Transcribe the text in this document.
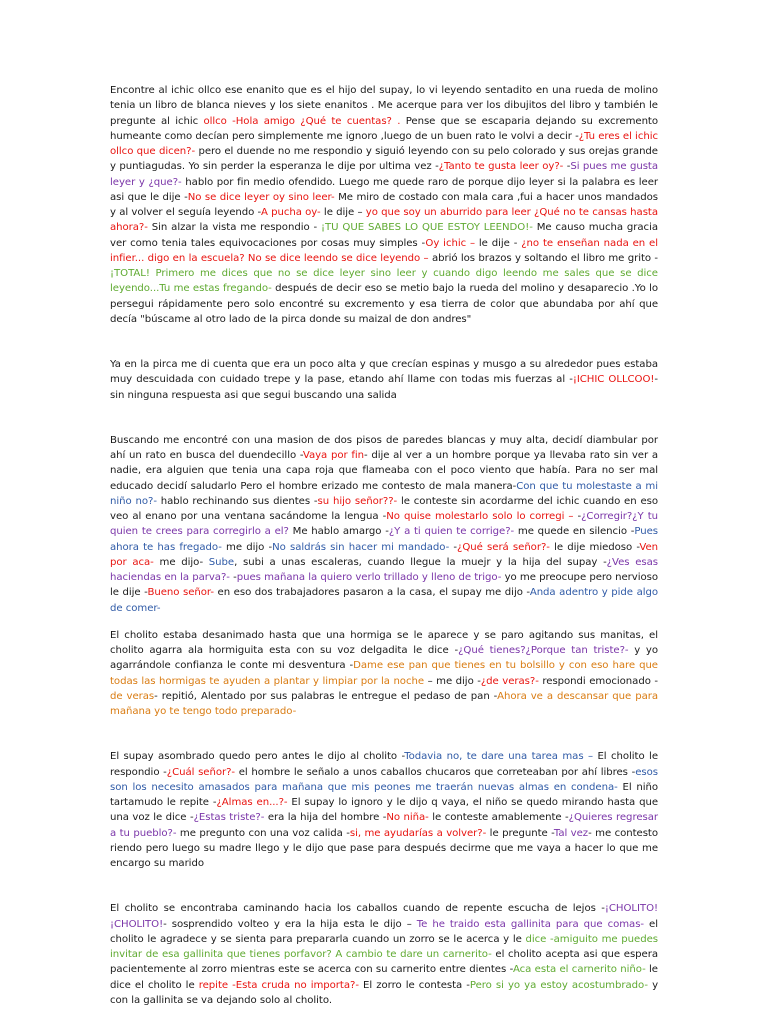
Encontre al ichic ollco ese enanito que es el hijo del supay, lo vi leyendo sentadito en una rueda de molino tenia un libro de blanca nieves y los siete enanitos . Me acerque para ver los dibujitos del libro y también le pregunte al ichic ollco -Hola amigo ¿Qué te cuentas? . Pense que se escaparia dejando su excremento humeante como decían pero simplemente me ignoro ,luego de un buen rato le volvi a decir -¿Tu eres el ichic ollco que dicen?- pero el duende no me respondio y siguió leyendo con su pelo colorado y sus orejas grande y puntiagudas. Yo sin perder la esperanza le dije por ultima vez -¿Tanto te gusta leer oy?- -Si pues me gusta leyer y ¿que?- hablo por fin medio ofendido. Luego me quede raro de porque dijo leyer si la palabra es leer asi que le dije -No se dice leyer oy sino leer- Me miro de costado con mala cara ,fui a hacer unos mandados y al volver el seguía leyendo -A pucha oy- le dije – yo que soy un aburrido para leer ¿Qué no te cansas hasta ahora?- Sin alzar la vista me respondio - ¡TU QUE SABES LO QUE ESTOY LEENDO!- Me causo mucha gracia ver como tenia tales equivocaciones por cosas muy simples -Oy ichic – le dije - ¿no te enseñan nada en el infier... digo en la escuela? No se dice leendo se dice leyendo – abrió los brazos y soltando el libro me grito -¡TOTAL! Primero me dices que no se dice leyer sino leer y cuando digo leendo me sales que se dice leyendo...Tu me estas fregando- después de decir eso se metio bajo la rueda del molino y desaparecio .Yo lo persegui rápidamente pero solo encontré su excremento y esa tierra de color que abundaba por ahí que decía "búscame al otro lado de la pirca donde su maizal de don andres"

Ya en la pirca me di cuenta que era un poco alta y que crecían espinas y musgo a su alrededor pues estaba muy descuidada con cuidado trepe y la pase, etando ahí llame con todas mis fuerzas al -¡ICHIC OLLCOO!- sin ninguna respuesta asi que segui buscando una salida

Buscando me encontré con una masion de dos pisos de paredes blancas y muy alta, decidí diambular por ahí un rato en busca del duendecillo -Vaya por fin- dije al ver a un hombre porque ya llevaba rato sin ver a nadie, era alguien que tenia una capa roja que flameaba con el poco viento que había. Para no ser mal educado decidí saludarlo Pero el hombre erizado me contesto de mala manera-Con que tu molestaste a mi niño no?- hablo rechinando sus dientes -su hijo señor??- le conteste sin acordarme del ichic cuando en eso veo al enano por una ventana sacándome la lengua -No quise molestarlo solo lo corregi – -¿Corregir?¿Y tu quien te crees para corregirlo a el? Me hablo amargo -¿Y a ti quien te corrige?- me quede en silencio -Pues ahora te has fregado- me dijo -No saldrás sin hacer mi mandado- -¿Qué será señor?- le dije miedoso -Ven por aca- me dijo- Sube, subi a unas escaleras, cuando llegue la muejr y la hija del supay -¿Ves esas haciendas en la parva?- -pues mañana la quiero verlo trillado y lleno de trigo- yo me preocupe pero nervioso le dije -Bueno señor- en eso dos trabajadores pasaron a la casa, el supay me dijo -Anda adentro y pide algo de comer-

El cholito estaba desanimado hasta que una hormiga se le aparece y se paro agitando sus manitas, el cholito agarra ala hormiguita esta con su voz delgadita le dice -¿Qué tienes?¿Porque tan triste?- y yo agarrándole confianza le conte mi desventura -Dame ese pan que tienes en tu bolsillo y con eso hare que todas las hormigas te ayuden a plantar y limpiar por la noche – me dijo -¿de veras?- respondi emocionado -de veras- repitió, Alentado por sus palabras le entregue el pedaso de pan -Ahora ve a descansar que para mañana yo te tengo todo preparado-

El supay asombrado quedo pero antes le dijo al cholito -Todavia no, te dare una tarea mas – El cholito le respondio -¿Cuál señor?- el hombre le señalo a unos caballos chucaros que correteaban por ahí libres -esos son los necesito amasados para mañana que mis peones me traerán nuevas almas en condena- El niño tartamudo le repite -¿Almas en...?- El supay lo ignoro y le dijo q vaya, el niño se quedo mirando hasta que una voz le dice -¿Estas triste?- era la hija del hombre -No niña- le conteste amablemente -¿Quieres regresar a tu pueblo?- me pregunto con una voz calida -si, me ayudarías a volver?- le pregunte -Tal vez- me contesto riendo pero luego su madre llego y le dijo que pase para después decirme que me vaya a hacer lo que me encargo su marido

El cholito se encontraba caminando hacia los caballos cuando de repente escucha de lejos -¡CHOLITO! ¡CHOLITO!- sosprendido volteo y era la hija esta le dijo – Te he traido esta gallinita para que comas- el cholito le agradece y se sienta para prepararla cuando un zorro se le acerca y le dice -amiguito me puedes invitar de esa gallinita que tienes porfavor? A cambio te dare un carnerito- el cholito acepta asi que espera pacientemente al zorro mientras este se acerca con su carnerito entre dientes -Aca esta el carnerito niño- le dice el cholito le repite -Esta cruda no importa?- El zorro le contesta -Pero si yo ya estoy acostumbrado- y con la gallinita se va dejando solo al cholito.
